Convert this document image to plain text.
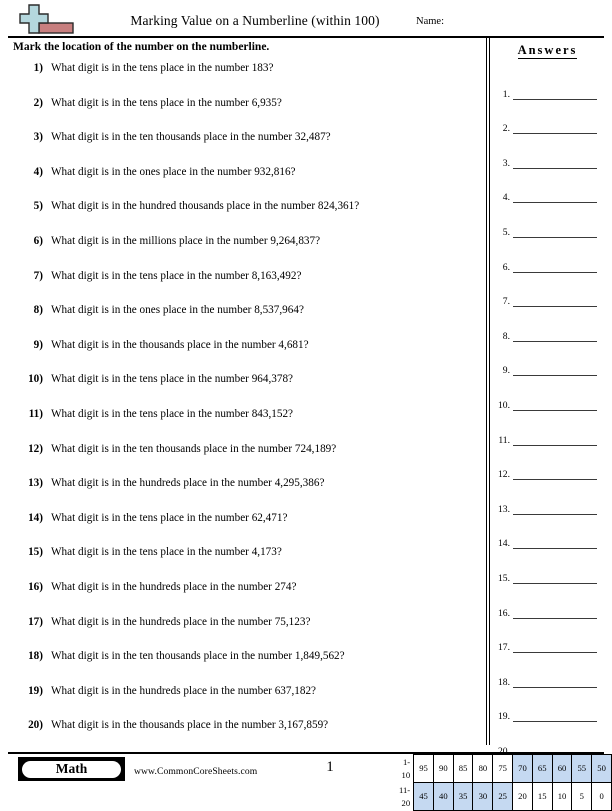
Marking Value on a Numberline (within 100)	Name:
Mark the location of the number on the numberline.
1) What digit is in the tens place in the number 183?
2) What digit is in the tens place in the number 6,935?
3) What digit is in the ten thousands place in the number 32,487?
4) What digit is in the ones place in the number 932,816?
5) What digit is in the hundred thousands place in the number 824,361?
6) What digit is in the millions place in the number 9,264,837?
7) What digit is in the tens place in the number 8,163,492?
8) What digit is in the ones place in the number 8,537,964?
9) What digit is in the thousands place in the number 4,681?
10) What digit is in the tens place in the number 964,378?
11) What digit is in the tens place in the number 843,152?
12) What digit is in the ten thousands place in the number 724,189?
13) What digit is in the hundreds place in the number 4,295,386?
14) What digit is in the tens place in the number 62,471?
15) What digit is in the tens place in the number 4,173?
16) What digit is in the hundreds place in the number 274?
17) What digit is in the hundreds place in the number 75,123?
18) What digit is in the ten thousands place in the number 1,849,562?
19) What digit is in the hundreds place in the number 637,182?
20) What digit is in the thousands place in the number 3,167,859?
Answers
1.
2.
3.
4.
5.
6.
7.
8.
9.
10.
11.
12.
13.
14.
15.
16.
17.
18.
19.
Math	www.CommonCoreSheets.com	1	1-10	95	90	85	80	75	70	65	60	55	50
11-20	45	40	35	30	25	20	15	10	5	0
